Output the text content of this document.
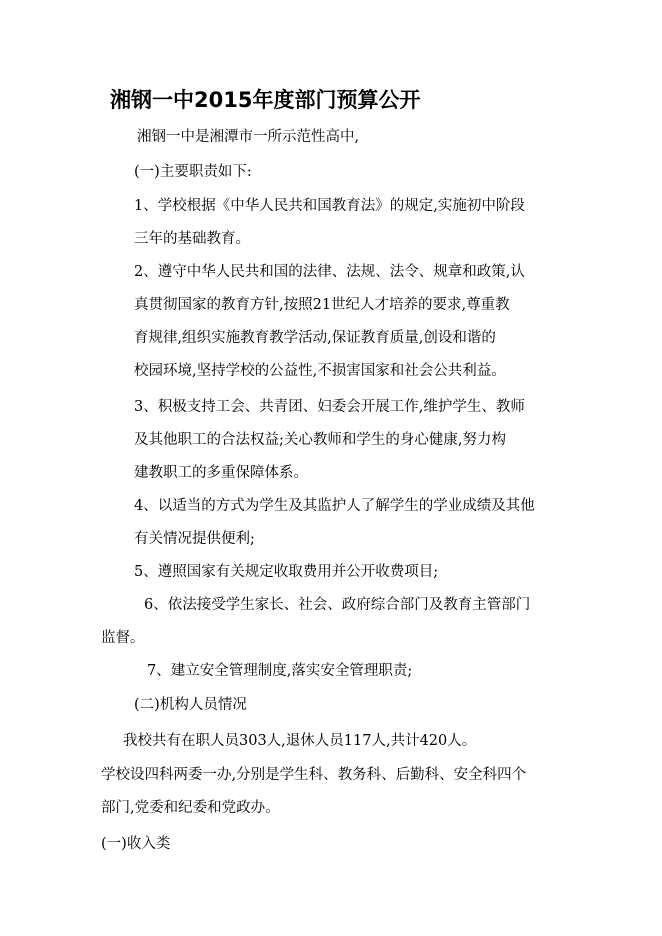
湘钢一中2015年度部门预算公开
湘钢一中是湘潭市一所示范性高中,
(一)主要职责如下:
1、学校根据《中华人民共和国教育法》的规定,实施初中阶段
三年的基础教育。
2、遵守中华人民共和国的法律、法规、法令、规章和政策,认
真贯彻国家的教育方针,按照21世纪人才培养的要求,尊重教
育规律,组织实施教育教学活动,保证教育质量,创设和谐的
校园环境,坚持学校的公益性,不损害国家和社会公共利益。
3、积极支持工会、共青团、妇委会开展工作,维护学生、教师
及其他职工的合法权益;关心教师和学生的身心健康,努力构
建教职工的多重保障体系。
4、以适当的方式为学生及其监护人了解学生的学业成绩及其他
有关情况提供便利;
5、遵照国家有关规定收取费用并公开收费项目;
6、依法接受学生家长、社会、政府综合部门及教育主管部门
监督。
7、建立安全管理制度,落实安全管理职责;
(二)机构人员情况
我校共有在职人员303人,退休人员117人,共计420人。
学校设四科两委一办,分别是学生科、教务科、后勤科、安全科四个
部门,党委和纪委和党政办。
(一)收入类
